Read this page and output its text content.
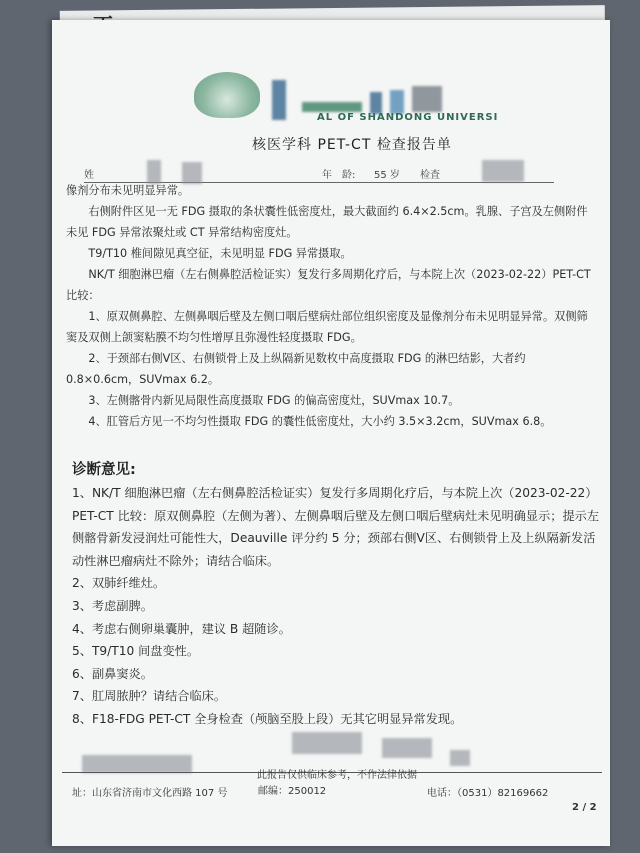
AL OF SHANDONG UNIVERSI
核医学科 PET-CT 检查报告单
姓	年　龄: 55 岁 检査

像剂分布未见明显异常。

　　右侧附件区见一无 FDG 摄取的条状囊性低密度灶，最大截面约 6.4×2.5cm。乳腺、子宫及左侧附件未见 FDG 异常浓聚灶或 CT 异常结构密度灶。

　　T9/T10 椎间隙见真空征，未见明显 FDG 异常摄取。

　　NK/T 细胞淋巴瘤（左右侧鼻腔活检证实）复发行多周期化疗后，与本院上次（2023-02-22）PET-CT 比较：

　　1、原双侧鼻腔、左侧鼻咽后壁及左侧口咽后壁病灶部位组织密度及显像剂分布未见明显异常。双侧筛窦及双侧上颌窦粘膜不均匀性增厚且弥漫性轻度摄取 FDG。

　　2、于颈部右侧Ⅴ区、右侧锁骨上及上纵隔新见数枚中高度摄取 FDG 的淋巴结影，大者约 0.8×0.6cm，SUVmax 6.2。

　　3、左侧髂骨内新见局限性高度摄取 FDG 的偏高密度灶，SUVmax 10.7。

　　4、肛管后方见一不均匀性摄取 FDG 的囊性低密度灶，大小约 3.5×3.2cm，SUVmax 6.8。

诊断意见:

1、NK/T 细胞淋巴瘤（左右侧鼻腔活检证实）复发行多周期化疗后，与本院上次（2023-02-22）PET-CT 比较：原双侧鼻腔（左侧为著）、左侧鼻咽后壁及左侧口咽后壁病灶未见明确显示；提示左侧髂骨新发浸润灶可能性大，Deauville 评分约 5 分；颈部右侧Ⅴ区、右侧锁骨上及上纵隔新发活动性淋巴瘤病灶不除外；请结合临床。

2、双肺纤维灶。

3、考虑副脾。

4、考虑右侧卵巢囊肿，建议 B 超随诊。

5、T9/T10 间盘变性。

6、副鼻窦炎。

7、肛周脓肿？请结合临床。

8、F18-FDG PET-CT 全身检查（颅脑至股上段）无其它明显异常发现。

此报告仅供临床参考，不作法律依据
址：山东省济南市文化西路 107 号	邮编：250012	电话：（0531）82169662
2 / 2
